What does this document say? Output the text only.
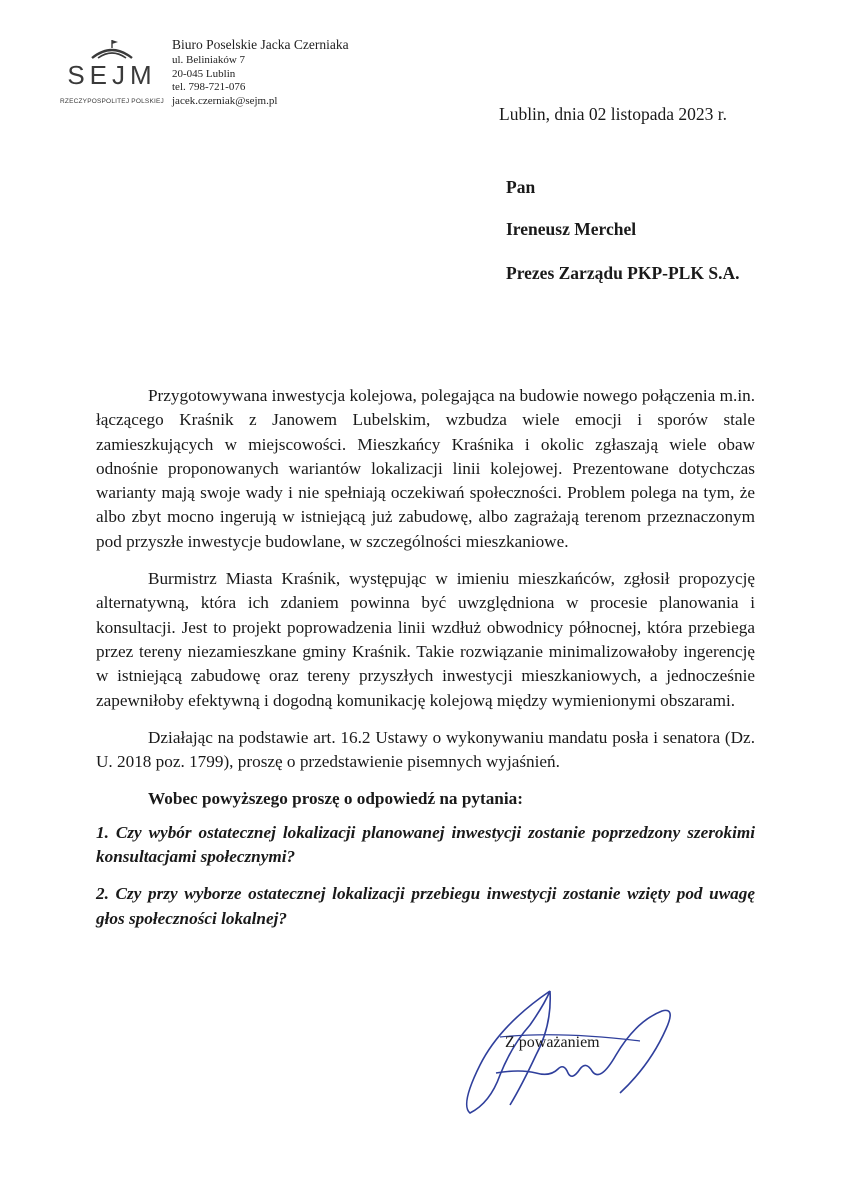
SEJM
RZECZYPOSPOLITEJ POLSKIEJ
Biuro Poselskie Jacka Czerniaka
ul. Beliniaków 7
20-045 Lublin
tel. 798-721-076
jacek.czerniak@sejm.pl
Lublin, dnia 02 listopada 2023 r.
Pan
Ireneusz Merchel
Prezes Zarządu PKP-PLK S.A.

Przygotowywana inwestycja kolejowa, polegająca na budowie nowego połączenia m.in. łączącego Kraśnik z Janowem Lubelskim, wzbudza wiele emocji i sporów stale zamieszkujących w miejscowości. Mieszkańcy Kraśnika i okolic zgłaszają wiele obaw odnośnie proponowanych wariantów lokalizacji linii kolejowej. Prezentowane dotychczas warianty mają swoje wady i nie spełniają oczekiwań społeczności. Problem polega na tym, że albo zbyt mocno ingerują w istniejącą już zabudowę, albo zagrażają terenom przeznaczonym pod przyszłe inwestycje budowlane, w szczególności mieszkaniowe.

Burmistrz Miasta Kraśnik, występując w imieniu mieszkańców, zgłosił propozycję alternatywną, która ich zdaniem powinna być uwzględniona w procesie planowania i konsultacji. Jest to projekt poprowadzenia linii wzdłuż obwodnicy północnej, która przebiega przez tereny niezamieszkane gminy Kraśnik. Takie rozwiązanie minimalizowałoby ingerencję w istniejącą zabudowę oraz tereny przyszłych inwestycji mieszkaniowych, a jednocześnie zapewniłoby efektywną i dogodną komunikację kolejową między wymienionymi obszarami.

Działając na podstawie art. 16.2 Ustawy o wykonywaniu mandatu posła i senatora (Dz. U. 2018 poz. 1799), proszę o przedstawienie pisemnych wyjaśnień.

Wobec powyższego proszę o odpowiedź na pytania:

1. Czy wybór ostatecznej lokalizacji planowanej inwestycji zostanie poprzedzony szerokimi konsultacjami społecznymi?

2. Czy przy wyborze ostatecznej lokalizacji przebiegu inwestycji zostanie wzięty pod uwagę głos społeczności lokalnej?

Z poważaniem
